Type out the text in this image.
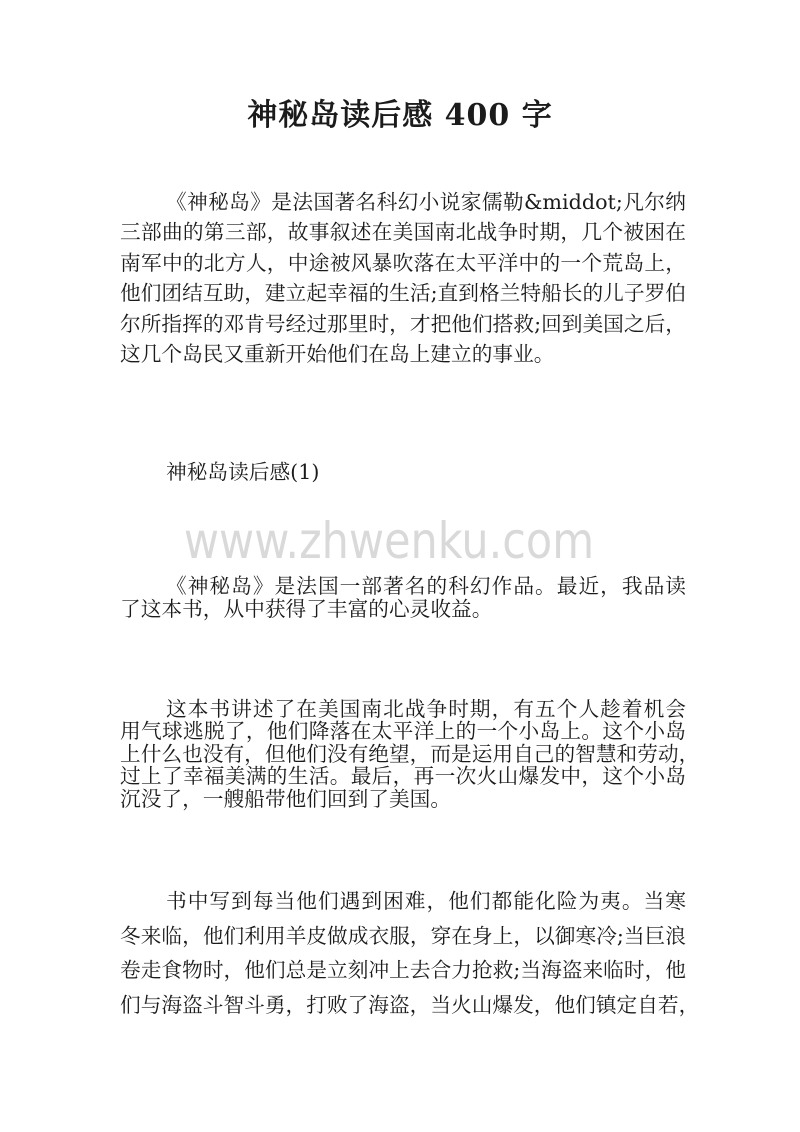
神秘岛读后感 400 字
《神秘岛》是法国著名科幻小说家儒勒&middot;凡尔纳
三部曲的第三部，故事叙述在美国南北战争时期，几个被困在
南军中的北方人，中途被风暴吹落在太平洋中的一个荒岛上，
他们团结互助，建立起幸福的生活;直到格兰特船长的儿子罗伯
尔所指挥的邓肯号经过那里时，才把他们搭救;回到美国之后，
这几个岛民又重新开始他们在岛上建立的事业。
神秘岛读后感(1)
www.zhwenku.com
《神秘岛》是法国一部著名的科幻作品。最近，我品读
了这本书，从中获得了丰富的心灵收益。
这本书讲述了在美国南北战争时期，有五个人趁着机会
用气球逃脱了，他们降落在太平洋上的一个小岛上。这个小岛
上什么也没有，但他们没有绝望，而是运用自己的智慧和劳动，
过上了幸福美满的生活。最后，再一次火山爆发中，这个小岛
沉没了，一艘船带他们回到了美国。
书中写到每当他们遇到困难，他们都能化险为夷。当寒
冬来临，他们利用羊皮做成衣服，穿在身上，以御寒冷;当巨浪
卷走食物时，他们总是立刻冲上去合力抢救;当海盗来临时，他
们与海盗斗智斗勇，打败了海盗，当火山爆发，他们镇定自若，
